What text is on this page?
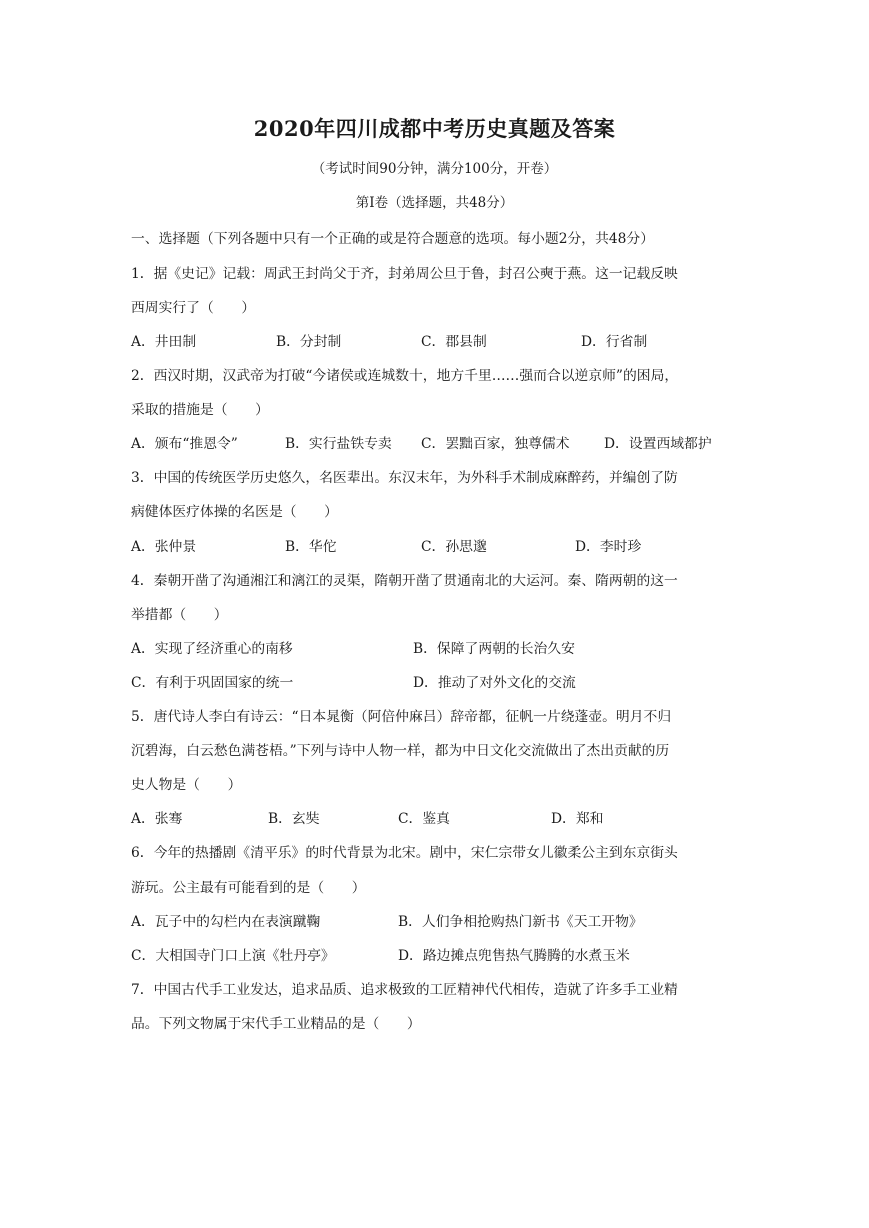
2020年四川成都中考历史真题及答案
（考试时间90分钟，满分100分，开卷）
第Ⅰ卷（选择题，共48分）
一、选择题（下列各题中只有一个正确的或是符合题意的选项。每小题2分，共48分）
1．据《史记》记载：周武王封尚父于齐，封弟周公旦于鲁，封召公奭于燕。这一记载反映
西周实行了（　　）
A．井田制	B．分封制	C．郡县制	D．行省制
2．西汉时期，汉武帝为打破“今诸侯或连城数十，地方千里……强而合以逆京师”的困局，
采取的措施是（　　）
A．颁布“推恩令”	B．实行盐铁专卖 C．罢黜百家，独尊儒术 D．设置西域都护
3．中国的传统医学历史悠久，名医辈出。东汉末年，为外科手术制成麻醉药，并编创了防
病健体医疗体操的名医是（　　）
A．张仲景	B．华佗	C．孙思邈	D．李时珍
4．秦朝开凿了沟通湘江和漓江的灵渠，隋朝开凿了贯通南北的大运河。秦、隋两朝的这一
举措都（　　）
A．实现了经济重心的南移	B．保障了两朝的长治久安
C．有利于巩固国家的统一	D．推动了对外文化的交流
5．唐代诗人李白有诗云：“日本晁衡（阿倍仲麻吕）辞帝都，征帆一片绕蓬壶。明月不归
沉碧海，白云愁色满苍梧。”下列与诗中人物一样，都为中日文化交流做出了杰出贡献的历
史人物是（　　）
A．张骞	B．玄奘	C．鉴真	D．郑和
6．今年的热播剧《清平乐》的时代背景为北宋。剧中，宋仁宗带女儿徽柔公主到东京街头
游玩。公主最有可能看到的是（　　）
A．瓦子中的勾栏内在表演蹴鞠	B．人们争相抢购热门新书《天工开物》
C．大相国寺门口上演《牡丹亭》	D．路边摊点兜售热气腾腾的水煮玉米
7．中国古代手工业发达，追求品质、追求极致的工匠精神代代相传，造就了许多手工业精
品。下列文物属于宋代手工业精品的是（　　）
